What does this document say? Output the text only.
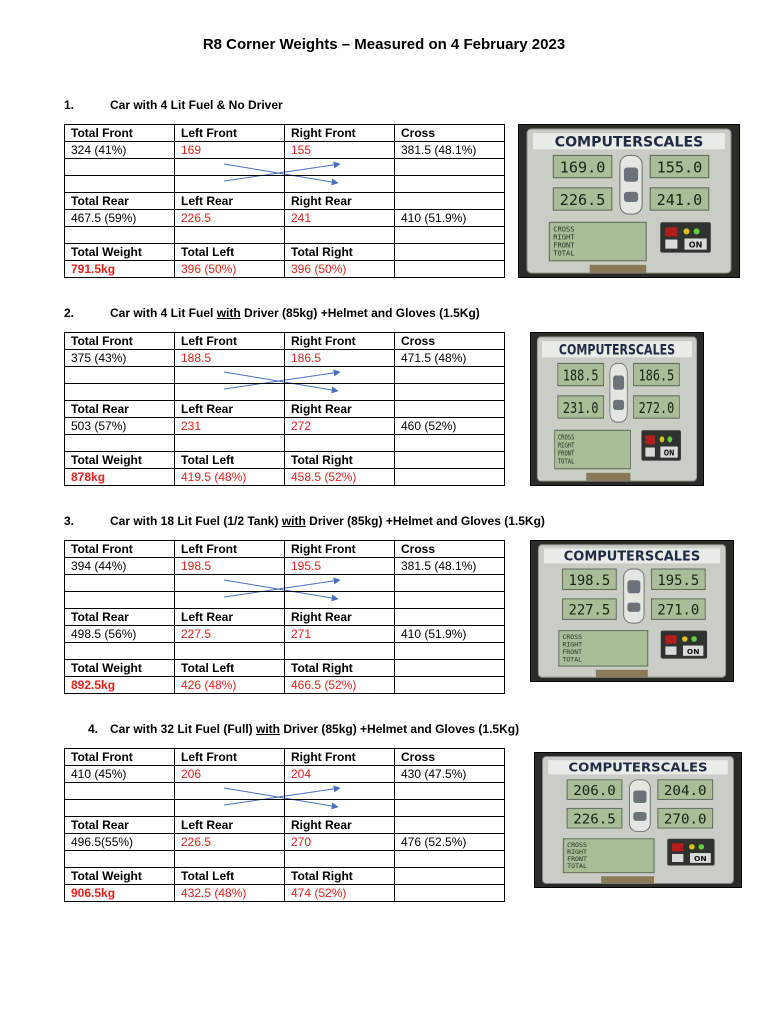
R8 Corner Weights – Measured on 4 February 2023
1.	Car with 4 Lit Fuel & No Driver
Total Front	Left Front	Right Front	Cross
324 (41%)	169	155	381.5 (48.1%)

Total Rear	Left Rear	Right Rear	
467.5 (59%)	226.5	241	410 (51.9%)

Total Weight	Total Left	Total Right	
791.5kg	396 (50%)	396 (50%)	
COMPUTERSCALES
169.0	155.0
226.5	241.0
CROSS
RIGHT
FRONT
TOTAL
ON
2.	Car with 4 Lit Fuel with Driver (85kg) +Helmet and Gloves (1.5Kg)
Total Front	Left Front	Right Front	Cross
375 (43%)	188.5	186.5	471.5 (48%)

Total Rear	Left Rear	Right Rear	
503 (57%)	231	272	460 (52%)

Total Weight	Total Left	Total Right	
878kg	419.5 (48%)	458.5 (52%)	
COMPUTERSCALES
188.5	186.5
231.0	272.0
CROSS
RIGHT
FRONT
TOTAL
ON
3.	Car with 18 Lit Fuel (1/2 Tank) with Driver (85kg) +Helmet and Gloves (1.5Kg)
Total Front	Left Front	Right Front	Cross
394 (44%)	198.5	195.5	381.5 (48.1%)

Total Rear	Left Rear	Right Rear	
498.5 (56%)	227.5	271	410 (51.9%)

Total Weight	Total Left	Total Right	
892.5kg	426 (48%)	466.5 (52%)	
COMPUTERSCALES
198.5	195.5
227.5	271.0
CROSS
RIGHT
FRONT
TOTAL
ON
4. Car with 32 Lit Fuel (Full) with Driver (85kg) +Helmet and Gloves (1.5Kg)
Total Front	Left Front	Right Front	Cross
410 (45%)	206	204	430 (47.5%)

Total Rear	Left Rear	Right Rear	
496.5(55%)	226.5	270	476 (52.5%)

Total Weight	Total Left	Total Right	
906.5kg	432.5 (48%)	474 (52%)	
COMPUTERSCALES
206.0	204.0
226.5	270.0
CROSS
RIGHT
FRONT
TOTAL
ON
